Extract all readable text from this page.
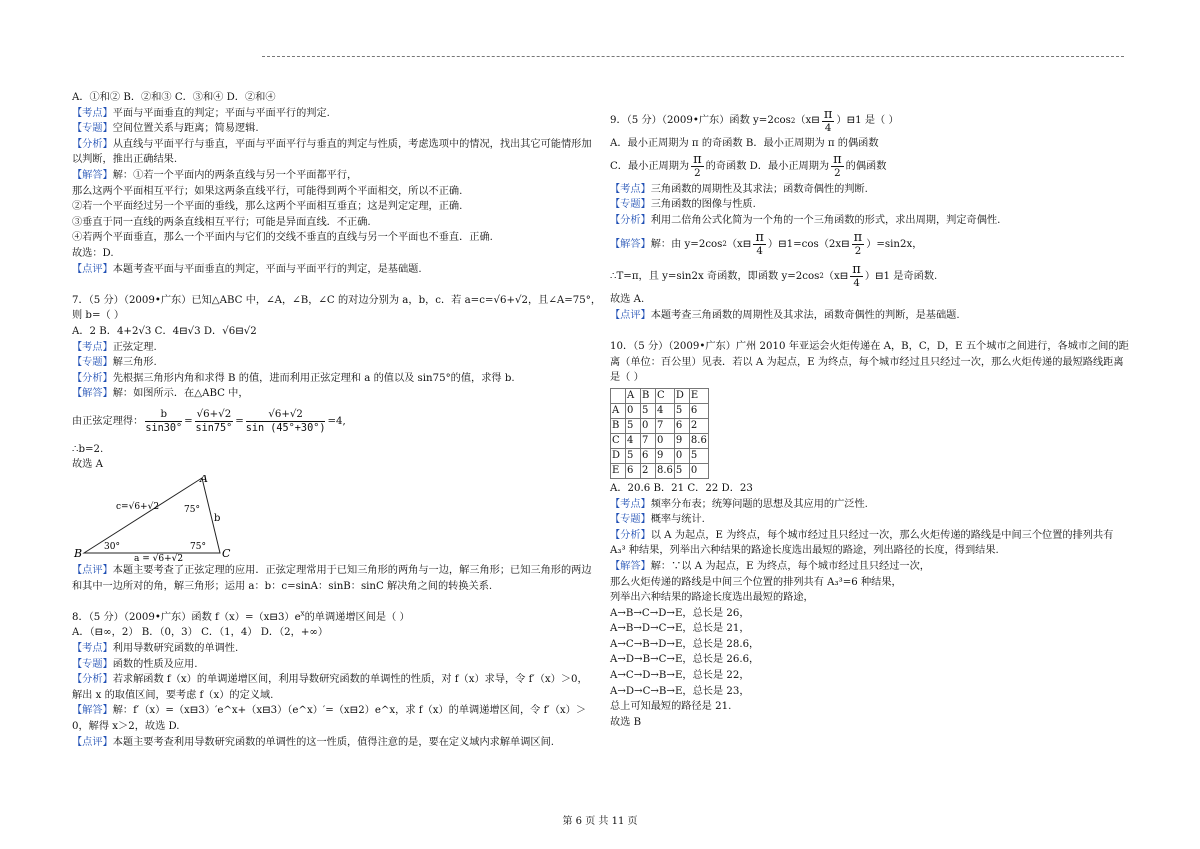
A．①和② B．②和③ C．③和④ D．②和④
【考点】平面与平面垂直的判定；平面与平面平行的判定.
【专题】空间位置关系与距离；简易逻辑.
【分析】从直线与平面平行与垂直，平面与平面平行与垂直的判定与性质，考虑选项中的情况，找出其它可能情形加以判断，推出正确结果.
【解答】解：①若一个平面内的两条直线与另一个平面都平行，
那么这两个平面相互平行；如果这两条直线平行，可能得到两个平面相交，所以不正确.
②若一个平面经过另一个平面的垂线，那么这两个平面相互垂直；这是判定定理，正确.
③垂直于同一直线的两条直线相互平行；可能是异面直线．不正确.
④若两个平面垂直，那么一个平面内与它们的交线不垂直的直线与另一个平面也不垂直．正确.
故选：D.
【点评】本题考查平面与平面垂直的判定，平面与平面平行的判定，是基础题.
7．（5 分）（2009•广东）已知△ABC 中，∠A，∠B，∠C 的对边分别为 a，b，c．若 a=c=√6+√2，且∠A=75°，
则 b=（ ）
A．2 B．4+2√3 C．4⊟√3 D．√6⊟√2
【考点】正弦定理.
【专题】解三角形.
【分析】先根据三角形内角和求得 B 的值，进而利用正弦定理和 a 的值以及 sin75°的值，求得 b.
【解答】解：如图所示．在△ABC 中，
由正弦定理得： $\frac{b}{\sin 30^\circ} = \frac{√6+√2}{\sin 75^\circ} = \frac{√6+√2}{\sin (45^\circ+30^\circ)} =4$,
∴b=2.
故选 A
B
A
C
b
75°
75°
30°
c=√6+√2
a = √6+√2
【点评】本题主要考查了正弦定理的应用．正弦定理常用于已知三角形的两角与一边，解三角形；已知三角形的两边和其中一边所对的角，解三角形；运用 a：b：c=sinA：sinB：sinC 解决角之间的转换关系.
8．（5 分）（2009•广东）函数 $f(x)=(x⊟3)e^x$的单调递增区间是（ ）
A．（⊟∞，2） B．（0，3） C．（1，4） D．（2，+∞）
【考点】利用导数研究函数的单调性.
【专题】函数的性质及应用.
【分析】若求解函数 f（x）的单调递增区间，利用导数研究函数的单调性的性质，对 f（x）求导，令 f′（x）＞0，解出 x 的取值区间，要考虑 f（x）的定义域.
【解答】解：f′（x）=（x⊟3）′e^x+（x⊟3）（e^x）′=（x⊟2）e^x，求 f（x）的单调递增区间，令 f′（x）＞0，解得 x＞2，故选 D.
【点评】本题主要考查利用导数研究函数的单调性的这一性质，值得注意的是，要在定义域内求解单调区间.
9．（5 分）（2009•广东）函数 y=2cos 2 （x⊟ $\frac{\pi}{4}$ ）⊟1 是（ ）
A．最小正周期为 π 的奇函数 B．最小正周期为 π 的偶函数
C．最小正周期为 $\frac{\pi}{2}$ 的奇函数 D．最小正周期为 $\frac{\pi}{2}$ 的偶函数
【考点】三角函数的周期性及其求法；函数奇偶性的判断.
【专题】三角函数的图像与性质.
【分析】利用二倍角公式化简为一个角的一个三角函数的形式，求出周期，判定奇偶性.
【解答】 解：由 y=2cos 2 （x⊟ $\frac{\pi}{4}$ ）⊟1=cos（2x⊟ $\frac{\pi}{2} )=\sin 2x$，
∴T=π，且 y=sin2x 奇函数，即函数 y=2cos 2 （x⊟ $\frac{\pi}{4}$ ）⊟1 是奇函数.
故选 A.
【点评】本题考查三角函数的周期性及其求法，函数奇偶性的判断，是基础题.
10．（5 分）（2009•广东）广州 2010 年亚运会火炬传递在 A，B，C，D，E 五个城市之间进行，各城市之间的距离（单位：百公里）见表．若以 A 为起点，E 为终点，每个城市经过且只经过一次，那么火炬传递的最短路线距离是（ ）
	A	B	C	D	E
A	0	5	4	5	6
B	5	0	7	6	2
C	4	7	0	9	8.6
D	5	6	9	0	5
E	6	2	8.6	5	0
A．20.6 B．21 C．22 D．23
【考点】频率分布表；统筹问题的思想及其应用的广泛性.
【专题】概率与统计.
【分析】以 A 为起点，E 为终点，每个城市经过且只经过一次，那么火炬传递的路线是中间三个位置的排列共有 A₃³ 种结果，列举出六种结果的路途长度选出最短的路途，列出路径的长度，得到结果.
【解答】解：∵以 A 为起点，E 为终点，每个城市经过且只经过一次，
那么火炬传递的路线是中间三个位置的排列共有 A₃³=6 种结果，
列举出六种结果的路途长度选出最短的路途，
A→B→C→D→E，总长是 26，
A→B→D→C→E，总长是 21，
A→C→B→D→E，总长是 28.6，
A→D→B→C→E，总长是 26.6，
A→C→D→B→E，总长是 22，
A→D→C→B→E，总长是 23，
总上可知最短的路径是 21.
故选 B
第 6 页 共 11 页
